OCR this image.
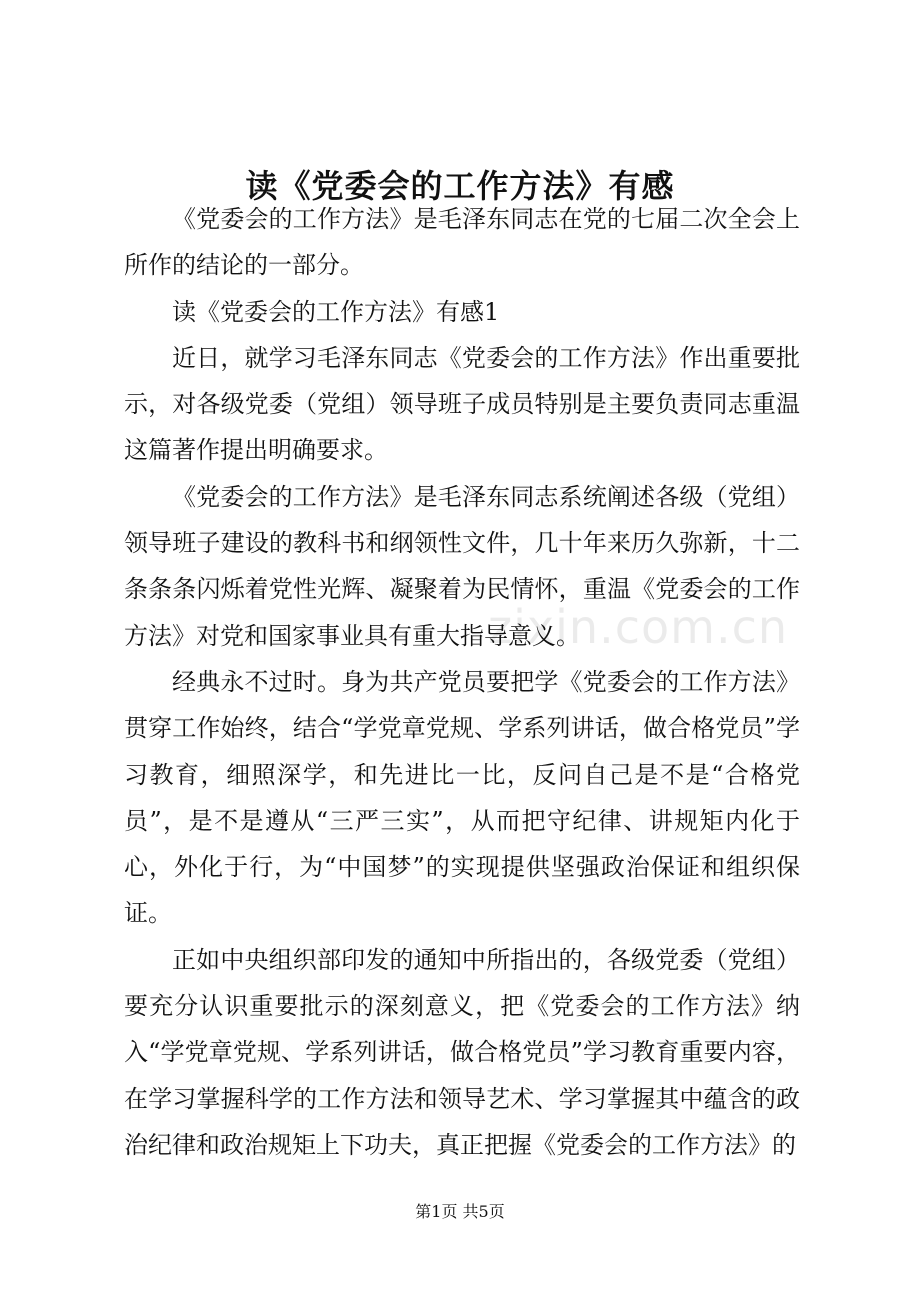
zixin.com.cn
读《党委会的工作方法》有感

《党委会的工作方法》是毛泽东同志在党的七届二次全会上所作的结论的一部分。

读《党委会的工作方法》有感1

近日，就学习毛泽东同志《党委会的工作方法》作出重要批示，对各级党委（党组）领导班子成员特别是主要负责同志重温这篇著作提出明确要求。

《党委会的工作方法》是毛泽东同志系统阐述各级（党组）领导班子建设的教科书和纲领性文件，几十年来历久弥新，十二条条条闪烁着党性光辉、凝聚着为民情怀，重温《党委会的工作方法》对党和国家事业具有重大指导意义。

经典永不过时。身为共产党员要把学《党委会的工作方法》贯穿工作始终，结合“学党章党规、学系列讲话，做合格党员”学习教育，细照深学，和先进比一比，反问自己是不是“合格党员”，是不是遵从“三严三实”，从而把守纪律、讲规矩内化于心，外化于行，为“中国梦”的实现提供坚强政治保证和组织保证。

正如中央组织部印发的通知中所指出的，各级党委（党组）要充分认识重要批示的深刻意义，把《党委会的工作方法》纳入“学党章党规、学系列讲话，做合格党员”学习教育重要内容，在学习掌握科学的工作方法和领导艺术、学习掌握其中蕴含的政治纪律和政治规矩上下功夫，真正把握《党委会的工作方法》的

第1页 共5页
